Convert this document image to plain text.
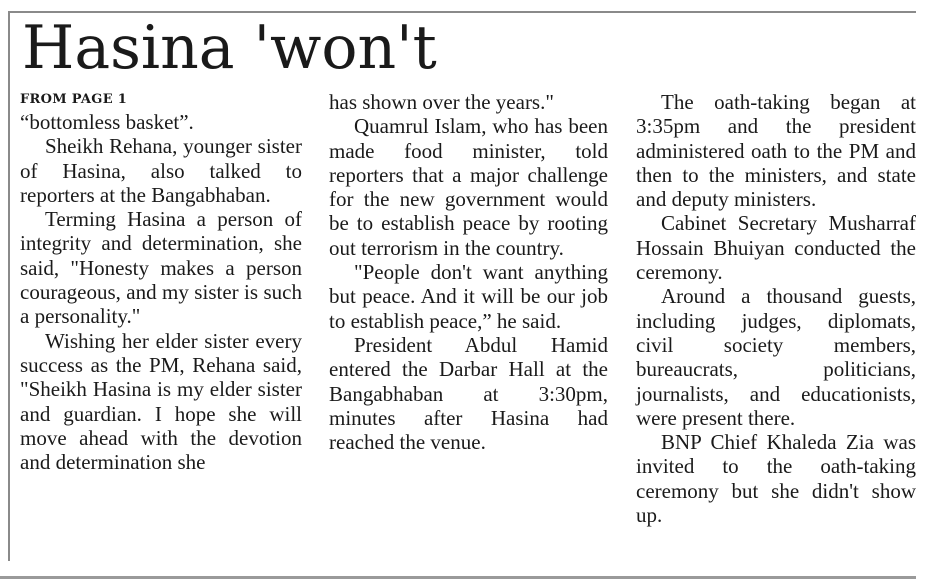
Hasina 'won't
FROM PAGE 1

“bottomless basket”.

Sheikh Rehana, younger sister of Hasina, also talked to reporters at the Bangabhaban.

Terming Hasina a person of integrity and determination, she said, "Honesty makes a person courageous, and my sister is such a personality."

Wishing her elder sister every success as the PM, Rehana said, "Sheikh Hasina is my elder sister and guardian. I hope she will move ahead with the devotion and determination she

has shown over the years."

Quamrul Islam, who has been made food minister, told reporters that a major challenge for the new government would be to establish peace by rooting out terrorism in the country.

"People don't want anything but peace. And it will be our job to establish peace,” he said.

President Abdul Hamid entered the Darbar Hall at the Bangabhaban at 3:30pm, minutes after Hasina had reached the venue.

The oath-taking began at 3:35pm and the president administered oath to the PM and then to the ministers, and state and deputy ministers.

Cabinet Secretary Musharraf Hossain Bhuiyan conducted the ceremony.

Around a thousand guests, including judges, diplomats, civil society members, bureaucrats, politicians, journalists, and educationists, were present there.

BNP Chief Khaleda Zia was invited to the oath-taking ceremony but she didn't show up.
